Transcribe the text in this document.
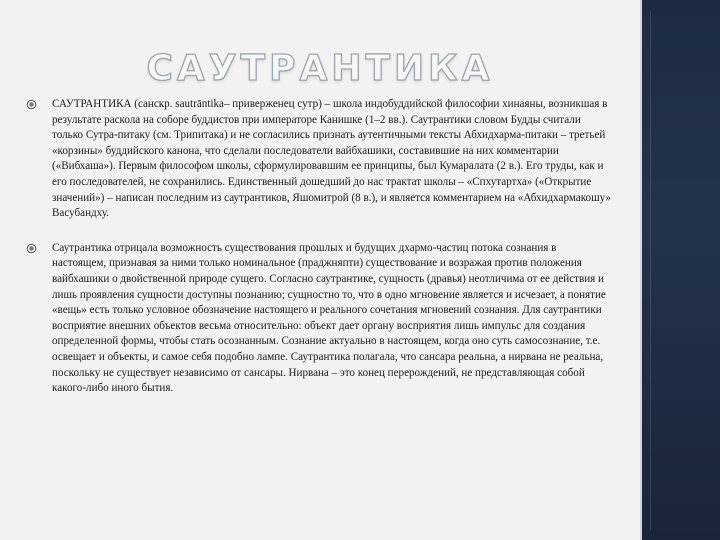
САУТРАНТИКА

САУТРАНТИКА (санскр. sautrāntika– приверженец сутр) – школа индобуддийской философии хинаяны, возникшая в результате раскола на соборе буддистов при императоре Канишке (1–2 вв.). Саутрантики словом Будды считали только Сутра-питаку (см. Трипитака) и не согласились признать аутентичными тексты Абхидхарма-питаки – третьей «корзины» буддийского канона, что сделали последователи вайбхашики, составившие на них комментарии («Вибхаша»). Первым философом школы, сформулировавшим ее принципы, был Кумаралата (2 в.). Его труды, как и его последователей, не сохранились. Единственный дошедший до нас трактат школы – «Спхутартха» («Открытие значений») – написан последним из саутрантиков, Яшомитрой (8 в.), и является комментарием на «Абхидхармакошу» Васубандху.

Саутрантика отрицала возможность существования прошлых и будущих дхармо-частиц потока сознания в настоящем, признавая за ними только номинальное (праджняпти) существование и возражая против положения вайбхашики о двойственной природе сущего. Согласно саутрантике, сущность (дравья) неотличима от ее действия и лишь проявления сущности доступны познанию; сущностно то, что в одно мгновение является и исчезает, а понятие «вещь» есть только условное обозначение настоящего и реального сочетания мгновений сознания. Для саутрантики восприятие внешних объектов весьма относительно: объект дает органу восприятия лишь импульс для создания определенной формы, чтобы стать осознанным. Сознание актуально в настоящем, когда оно суть самосознание, т.е. освещает и объекты, и самое себя подобно лампе. Саутрантика полагала, что сансара реальна, а нирвана не реальна, поскольку не существует независимо от сансары. Нирвана – это конец перерождений, не представляющая собой какого-либо иного бытия.
